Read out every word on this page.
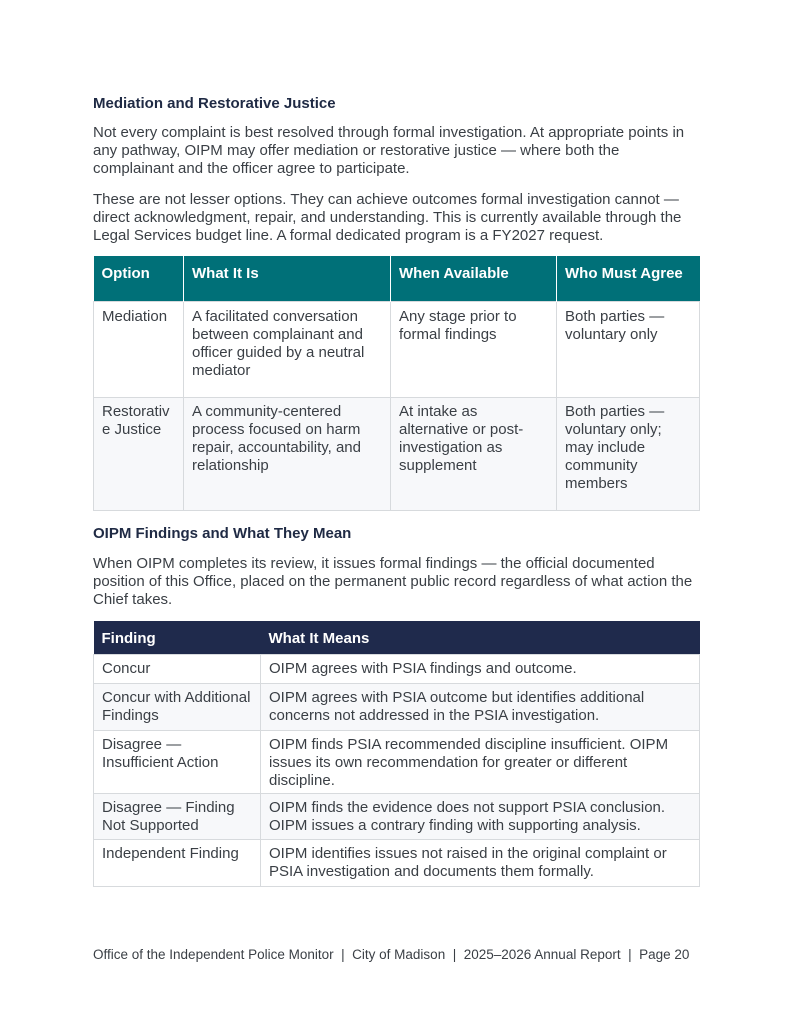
Mediation and Restorative Justice

Not every complaint is best resolved through formal investigation. At appropriate points in any pathway, OIPM may offer mediation or restorative justice — where both the complainant and the officer agree to participate.

These are not lesser options. They can achieve outcomes formal investigation cannot — direct acknowledgment, repair, and understanding. This is currently available through the Legal Services budget line. A formal dedicated program is a FY2027 request.

Option	What It Is	When Available	Who Must Agree
Mediation	A facilitated conversation between complainant and officer guided by a neutral mediator	Any stage prior to formal findings	Both parties — voluntary only
Restorative Justice	A community-centered process focused on harm repair, accountability, and relationship	At intake as alternative or post-investigation as supplement	Both parties — voluntary only; may include community members
OIPM Findings and What They Mean

When OIPM completes its review, it issues formal findings — the official documented position of this Office, placed on the permanent public record regardless of what action the Chief takes.

Finding	What It Means
Concur	OIPM agrees with PSIA findings and outcome.
Concur with Additional Findings	OIPM agrees with PSIA outcome but identifies additional concerns not addressed in the PSIA investigation.
Disagree — Insufficient Action	OIPM finds PSIA recommended discipline insufficient. OIPM issues its own recommendation for greater or different discipline.
Disagree — Finding Not Supported	OIPM finds the evidence does not support PSIA conclusion. OIPM issues a contrary finding with supporting analysis.
Independent Finding	OIPM identifies issues not raised in the original complaint or PSIA investigation and documents them formally.
Office of the Independent Police Monitor  |  City of Madison  |  2025–2026 Annual Report  |  Page 20
